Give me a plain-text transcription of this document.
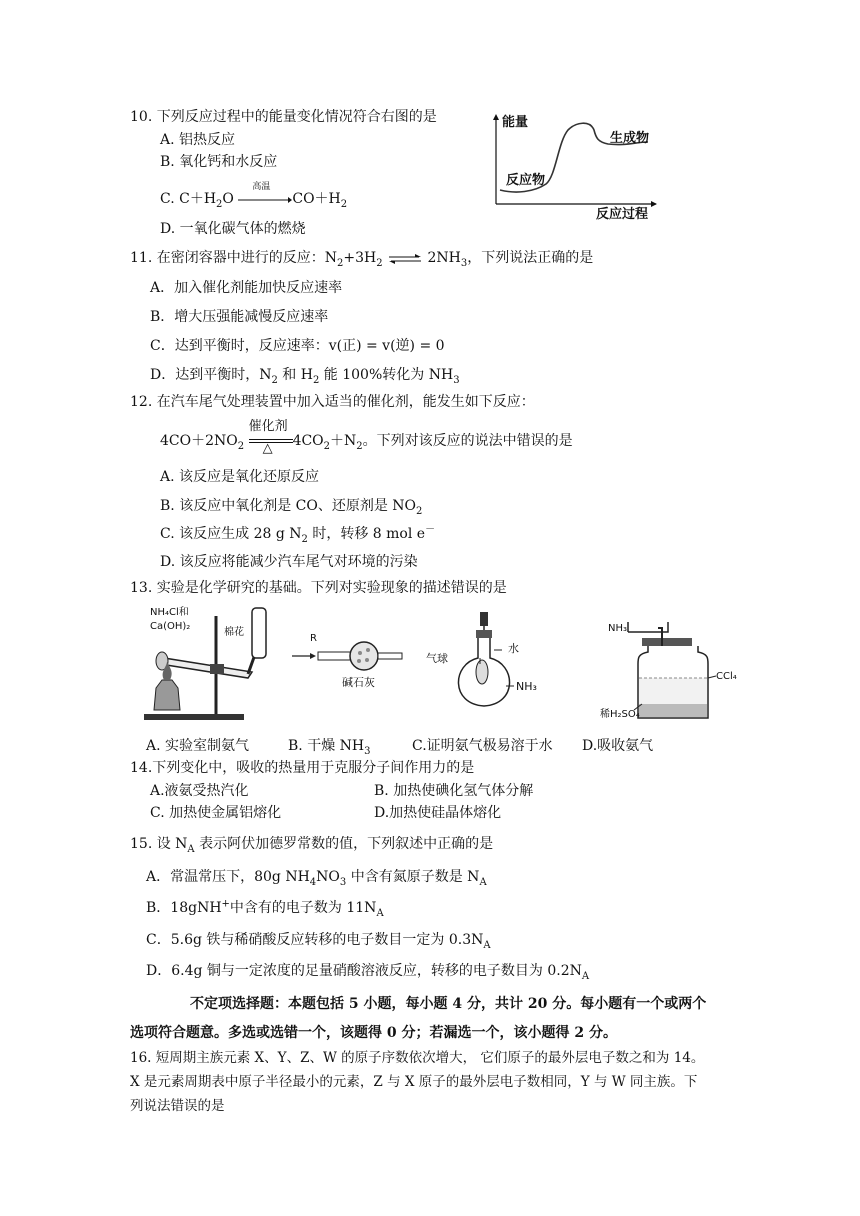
10. 下列反应过程中的能量变化情况符合右图的是
A. 铝热反应
B. 氧化钙和水反应
C. $C+H_2O$
高温
$CO+H_2$
D. 一氧化碳气体的燃烧
能量
反应物
生成物
反应过程
11. 在密闭容器中进行的反应：$N_2+3H_2$ ⇌ $2NH_3$，下列说法正确的是
A．加入催化剂能加快反应速率
B．增大压强能减慢反应速率
C．达到平衡时，反应速率：v(正) = v(逆) = 0
D．达到平衡时，$N_2$ 和 $H_2$ 能 100%转化为 $NH_3$
12. 在汽车尾气处理装置中加入适当的催化剂，能发生如下反应：
$4CO+2NO_2$
催化剂
△ $4CO_2+N_2$。下列对该反应的说法中错误的是
A. 该反应是氧化还原反应
B. 该反应中氧化剂是 CO、还原剂是 $NO_2$
C. 该反应生成 28 g $N_2$ 时，转移 8 mol e－
D. 该反应将能减少汽车尾气对环境的污染
13. 实验是化学研究的基础。下列对实验现象的描述错误的是
NH₄Cl和
Ca(OH)₂
棉花
R
碱石灰
气球
水
NH₃
NH₃
CCl₄
稀H₂SO₄
A. 实验室制氨气	B. 干燥 $NH_3$	C.证明氨气极易溶于水 D.吸收氨气
14.下列变化中，吸收的热量用于克服分子间作用力的是
A.液氨受热汽化	B. 加热使碘化氢气体分解
C. 加热使金属铝熔化	D.加热使硅晶体熔化
15. 设 $N_A$ 表示阿伏加德罗常数的值，下列叙述中正确的是
A．常温常压下，80g $NH_4NO_3$ 中含有氮原子数是 $N_A$
B．18gNH+中含有的电子数为 $11N_A$
C．5.6g 铁与稀硝酸反应转移的电子数目一定为 $0.3N_A$
D．6.4g 铜与一定浓度的足量硝酸溶液反应，转移的电子数目为 $0.2N_A$
不定项选择题：本题包括 5 小题，每小题 4 分，共计 20 分。每小题有一个或两个
选项符合题意。多选或选错一个，该题得 0 分；若漏选一个，该小题得 2 分。
16. 短周期主族元素 X、Y、Z、W 的原子序数依次增大， 它们原子的最外层电子数之和为 14。
X 是元素周期表中原子半径最小的元素，Z 与 X 原子的最外层电子数相同，Y 与 W 同主族。下
列说法错误的是
